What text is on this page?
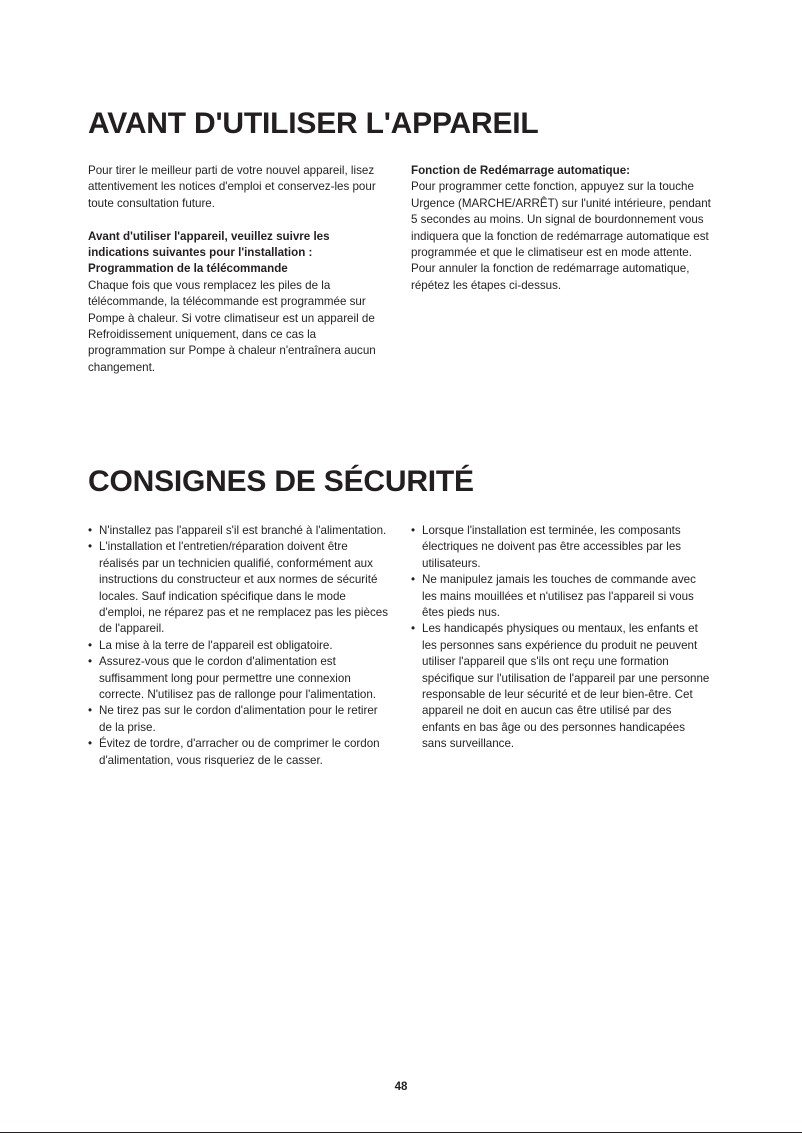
AVANT D'UTILISER L'APPAREIL

Pour tirer le meilleur parti de votre nouvel appareil, lisez attentivement les notices d'emploi et conservez-les pour toute consultation future.

Avant d'utiliser l'appareil, veuillez suivre les indications suivantes pour l'installation : Programmation de la télécommande

Chaque fois que vous remplacez les piles de la télécommande, la télécommande est programmée sur Pompe à chaleur. Si votre climatiseur est un appareil de Refroidissement uniquement, dans ce cas la programmation sur Pompe à chaleur n'entraînera aucun changement.

Fonction de Redémarrage automatique:

Pour programmer cette fonction, appuyez sur la touche Urgence (MARCHE/ARRÊT) sur l'unité intérieure, pendant 5 secondes au moins. Un signal de bourdonnement vous indiquera que la fonction de redémarrage automatique est programmée et que le climatiseur est en mode attente.

Pour annuler la fonction de redémarrage automatique, répétez les étapes ci-dessus.

CONSIGNES DE SÉCURITÉ
• N'installez pas l'appareil s'il est branché à l'alimentation.
• L'installation et l'entretien/réparation doivent être réalisés par un technicien qualifié, conformément aux instructions du constructeur et aux normes de sécurité locales. Sauf indication spécifique dans le mode d'emploi, ne réparez pas et ne remplacez pas les pièces de l'appareil.
• La mise à la terre de l'appareil est obligatoire.
• Assurez-vous que le cordon d'alimentation est suffisamment long pour permettre une connexion correcte. N'utilisez pas de rallonge pour l'alimentation.
• Ne tirez pas sur le cordon d'alimentation pour le retirer de la prise.
• Évitez de tordre, d'arracher ou de comprimer le cordon d'alimentation, vous risqueriez de le casser.
• Lorsque l'installation est terminée, les composants électriques ne doivent pas être accessibles par les utilisateurs.
• Ne manipulez jamais les touches de commande avec les mains mouillées et n'utilisez pas l'appareil si vous êtes pieds nus.
• Les handicapés physiques ou mentaux, les enfants et les personnes sans expérience du produit ne peuvent utiliser l'appareil que s'ils ont reçu une formation spécifique sur l'utilisation de l'appareil par une personne responsable de leur sécurité et de leur bien-être. Cet appareil ne doit en aucun cas être utilisé par des enfants en bas âge ou des personnes handicapées sans surveillance.
48
